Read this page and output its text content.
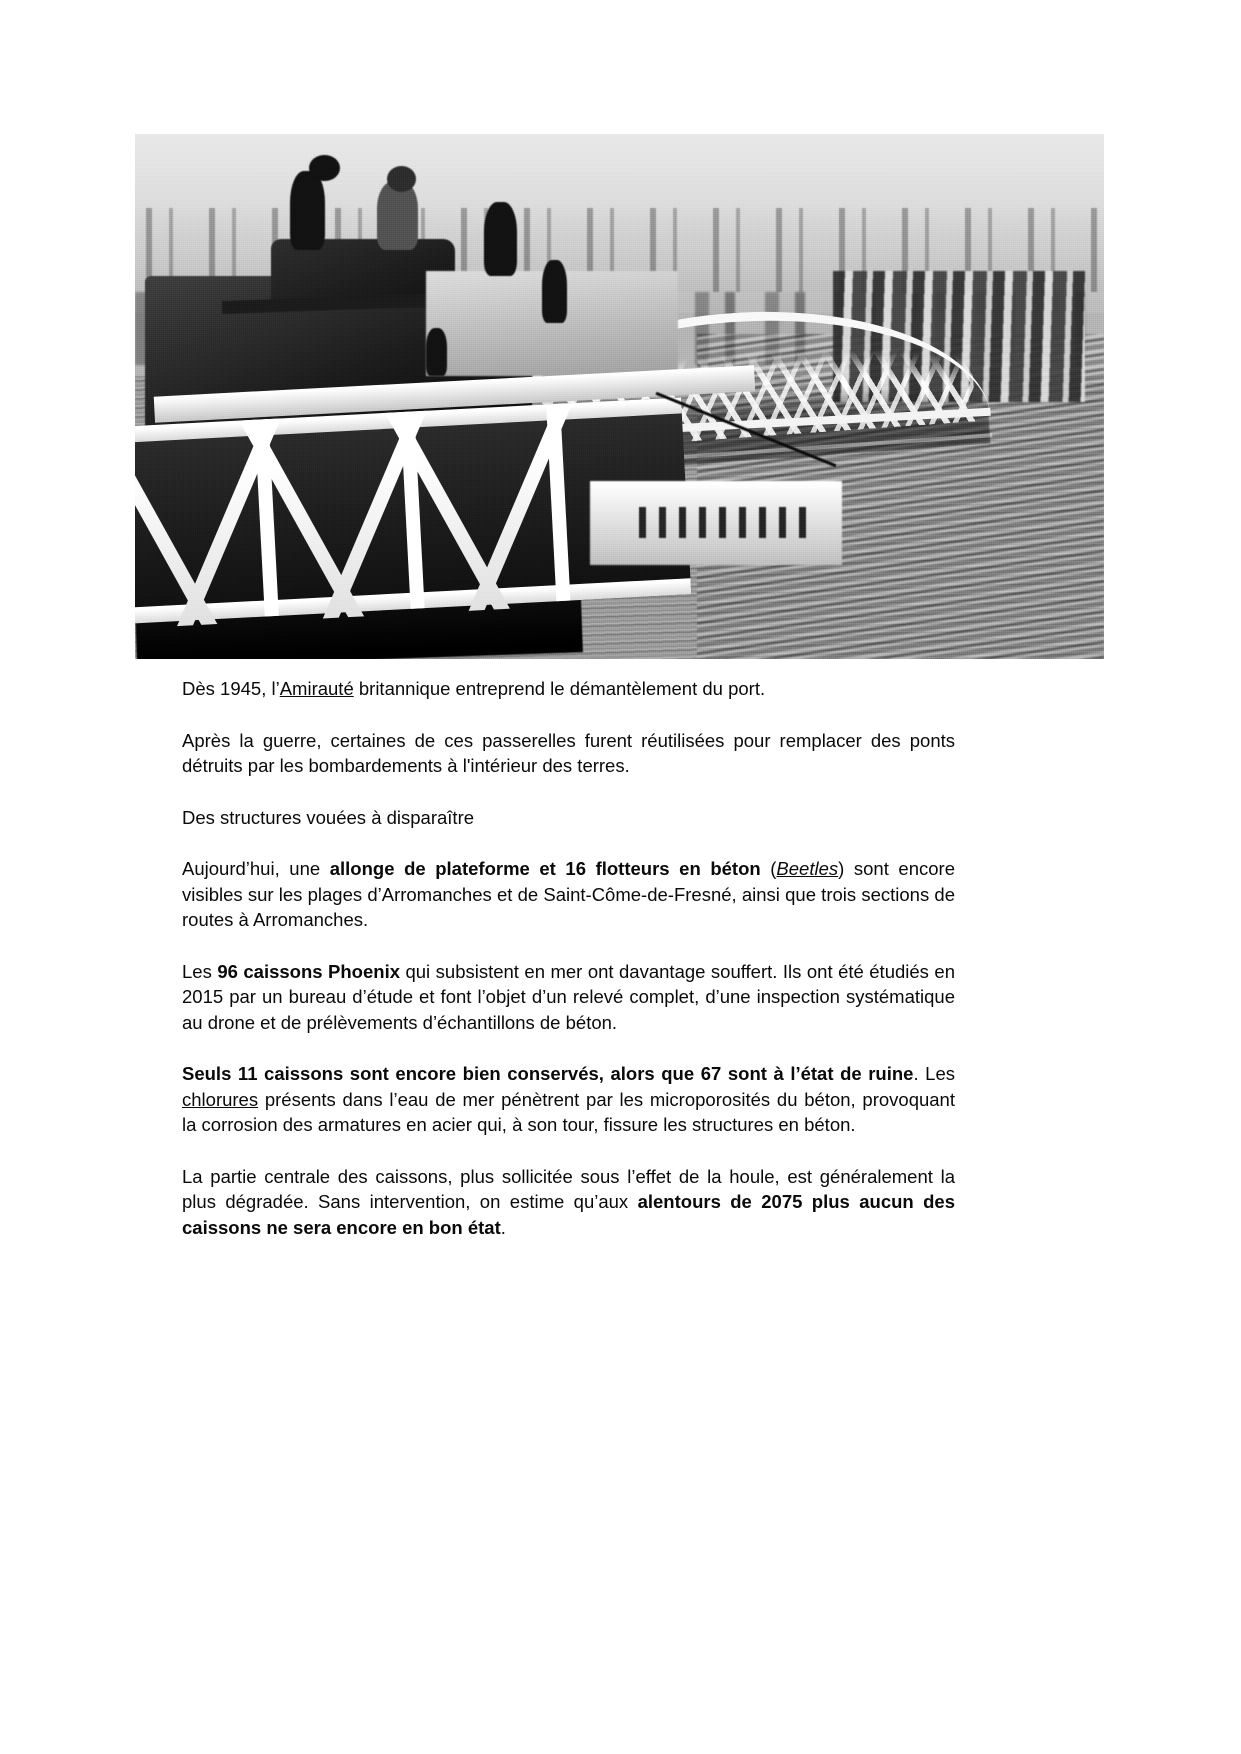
Dès 1945, l’Amirauté britannique entreprend le démantèlement du port.

Après la guerre, certaines de ces passerelles furent réutilisées pour remplacer des ponts détruits par les bombardements à l'intérieur des terres.

Des structures vouées à disparaître

Aujourd’hui, une allonge de plateforme et 16 flotteurs en béton (Beetles) sont encore visibles sur les plages d’Arromanches et de Saint-Côme-de-Fresné, ainsi que trois sections de routes à Arromanches.

Les 96 caissons Phoenix qui subsistent en mer ont davantage souffert. Ils ont été étudiés en 2015 par un bureau d’étude et font l’objet d’un relevé complet, d’une inspection systématique au drone et de prélèvements d’échantillons de béton.

Seuls 11 caissons sont encore bien conservés, alors que 67 sont à l’état de ruine. Les chlorures présents dans l’eau de mer pénètrent par les microporosités du béton, provoquant la corrosion des armatures en acier qui, à son tour, fissure les structures en béton.

La partie centrale des caissons, plus sollicitée sous l’effet de la houle, est généralement la plus dégradée. Sans intervention, on estime qu’aux alentours de 2075 plus aucun des caissons ne sera encore en bon état.
